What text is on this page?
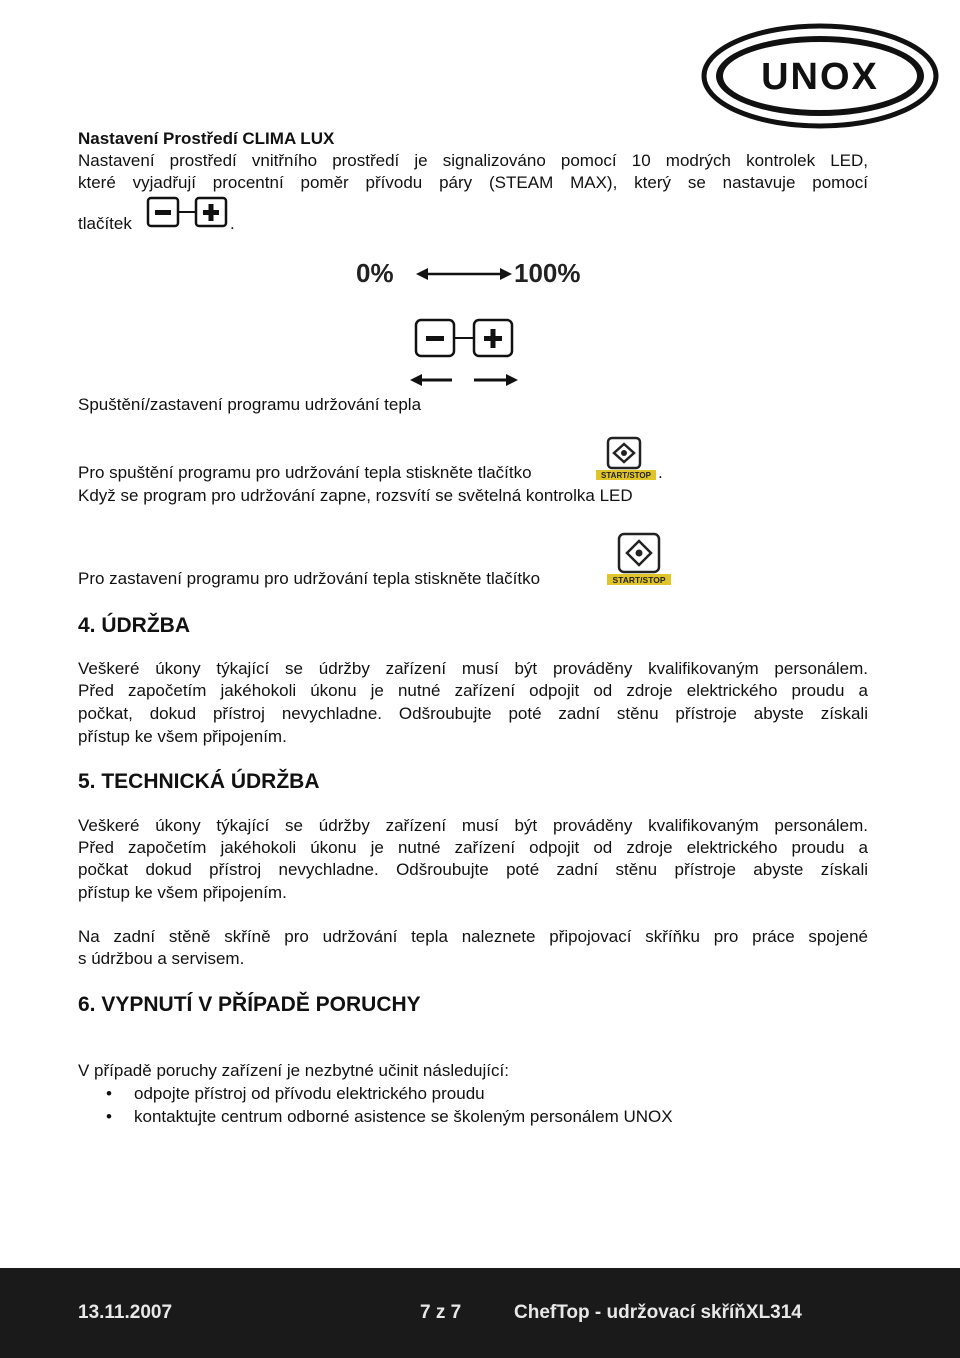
UNOX
Nastavení Prostředí CLIMA LUX
Nastavení prostředí vnitřního prostředí je signalizováno pomocí 10 modrých kontrolek LED,
které vyjadřují procentní poměr přívodu páry (STEAM MAX), který se nastavuje pomocí
tlačítek	.
0%	100%
Spuštění/zastavení programu udržování tepla
Pro spuštění programu pro udržování tepla stiskněte tlačítko	START/STOP .
Když se program pro udržování zapne, rozsvítí se světelná kontrolka LED
Pro zastavení programu pro udržování tepla stiskněte tlačítko	START/STOP
4. ÚDRŽBA
Veškeré úkony týkající se údržby zařízení musí být prováděny kvalifikovaným personálem.
Před započetím jakéhokoli úkonu je nutné zařízení odpojit od zdroje elektrického proudu a
počkat, dokud přístroj nevychladne. Odšroubujte poté zadní stěnu přístroje abyste získali
přístup ke všem připojením.
5. TECHNICKÁ ÚDRŽBA
Veškeré úkony týkající se údržby zařízení musí být prováděny kvalifikovaným personálem.
Před započetím jakéhokoli úkonu je nutné zařízení odpojit od zdroje elektrického proudu a
počkat dokud přístroj nevychladne. Odšroubujte poté zadní stěnu přístroje abyste získali
přístup ke všem připojením.
Na zadní stěně skříně pro udržování tepla naleznete připojovací skříňku pro práce spojené
s údržbou a servisem.
6. VYPNUTÍ V PŘÍPADĚ PORUCHY
V případě poruchy zařízení je nezbytné učinit následující:
• odpojte přístroj od přívodu elektrického proudu
• kontaktujte centrum odborné asistence se školeným personálem UNOX
13.11.2007	7 z 7	ChefTop - udržovací skříňXL314
